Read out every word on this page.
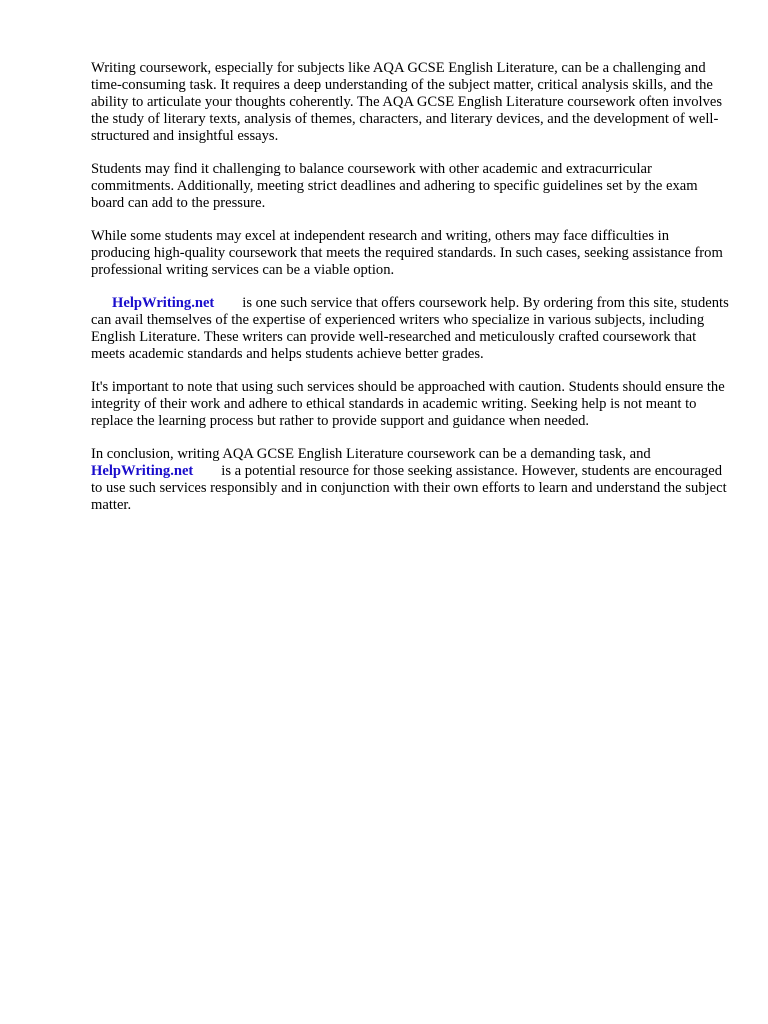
Writing coursework, especially for subjects like AQA GCSE English Literature, can be a challenging and time-consuming task. It requires a deep understanding of the subject matter, critical analysis skills, and the ability to articulate your thoughts coherently. The AQA GCSE English Literature coursework often involves the study of literary texts, analysis of themes, characters, and literary devices, and the development of well-structured and insightful essays.

Students may find it challenging to balance coursework with other academic and extracurricular commitments. Additionally, meeting strict deadlines and adhering to specific guidelines set by the exam board can add to the pressure.

While some students may excel at independent research and writing, others may face difficulties in producing high-quality coursework that meets the required standards. In such cases, seeking assistance from professional writing services can be a viable option.

HelpWriting.net is one such service that offers coursework help. By ordering from this site, students can avail themselves of the expertise of experienced writers who specialize in various subjects, including English Literature. These writers can provide well-researched and meticulously crafted coursework that meets academic standards and helps students achieve better grades.

It's important to note that using such services should be approached with caution. Students should ensure the integrity of their work and adhere to ethical standards in academic writing. Seeking help is not meant to replace the learning process but rather to provide support and guidance when needed.

In conclusion, writing AQA GCSE English Literature coursework can be a demanding task, and HelpWriting.net is a potential resource for those seeking assistance. However, students are encouraged to use such services responsibly and in conjunction with their own efforts to learn and understand the subject matter.
